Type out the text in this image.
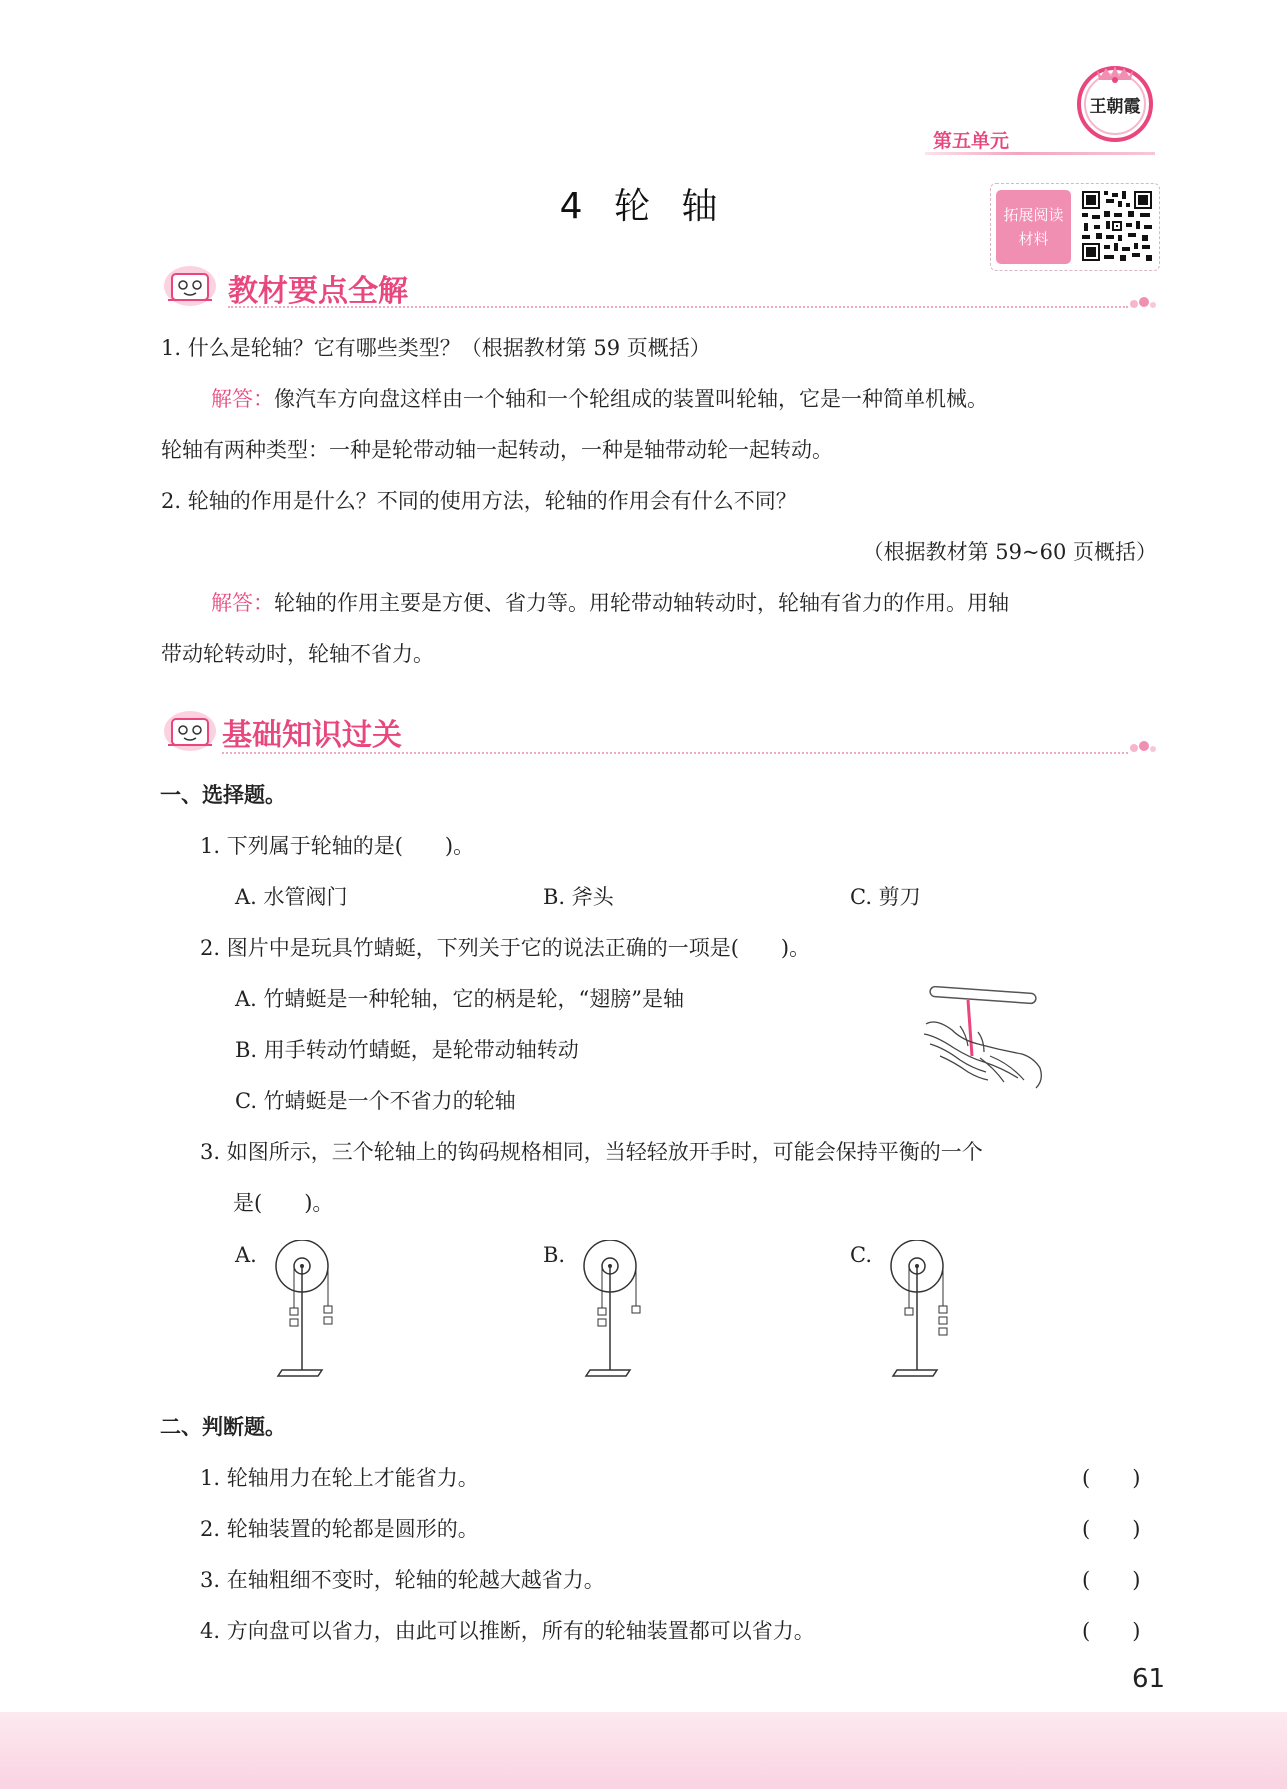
第五单元
王朝霞
4 轮 轴	拓展阅读
材料
教材要点全解
1. 什么是轮轴？它有哪些类型？（根据教材第 59 页概括）
解答：像汽车方向盘这样由一个轴和一个轮组成的装置叫轮轴，它是一种简单机械。
轮轴有两种类型：一种是轮带动轴一起转动，一种是轴带动轮一起转动。
2. 轮轴的作用是什么？不同的使用方法，轮轴的作用会有什么不同？
（根据教材第 59~60 页概括）
解答：轮轴的作用主要是方便、省力等。用轮带动轴转动时，轮轴有省力的作用。用轴
带动轮转动时，轮轴不省力。
基础知识过关
一、选择题。
1. 下列属于轮轴的是(　　)。
A. 水管阀门	B. 斧头	C. 剪刀
2. 图片中是玩具竹蜻蜓，下列关于它的说法正确的一项是(　　)。
A. 竹蜻蜓是一种轮轴，它的柄是轮，“翅膀”是轴
B. 用手转动竹蜻蜓，是轮带动轴转动
C. 竹蜻蜓是一个不省力的轮轴
3. 如图所示，三个轮轴上的钩码规格相同，当轻轻放开手时，可能会保持平衡的一个
是(　　)。
A.	B.	C.
二、判断题。
1. 轮轴用力在轮上才能省力。	(　　)
2. 轮轴装置的轮都是圆形的。	(　　)
3. 在轴粗细不变时，轮轴的轮越大越省力。	(　　)
4. 方向盘可以省力，由此可以推断，所有的轮轴装置都可以省力。	(　　)
61
